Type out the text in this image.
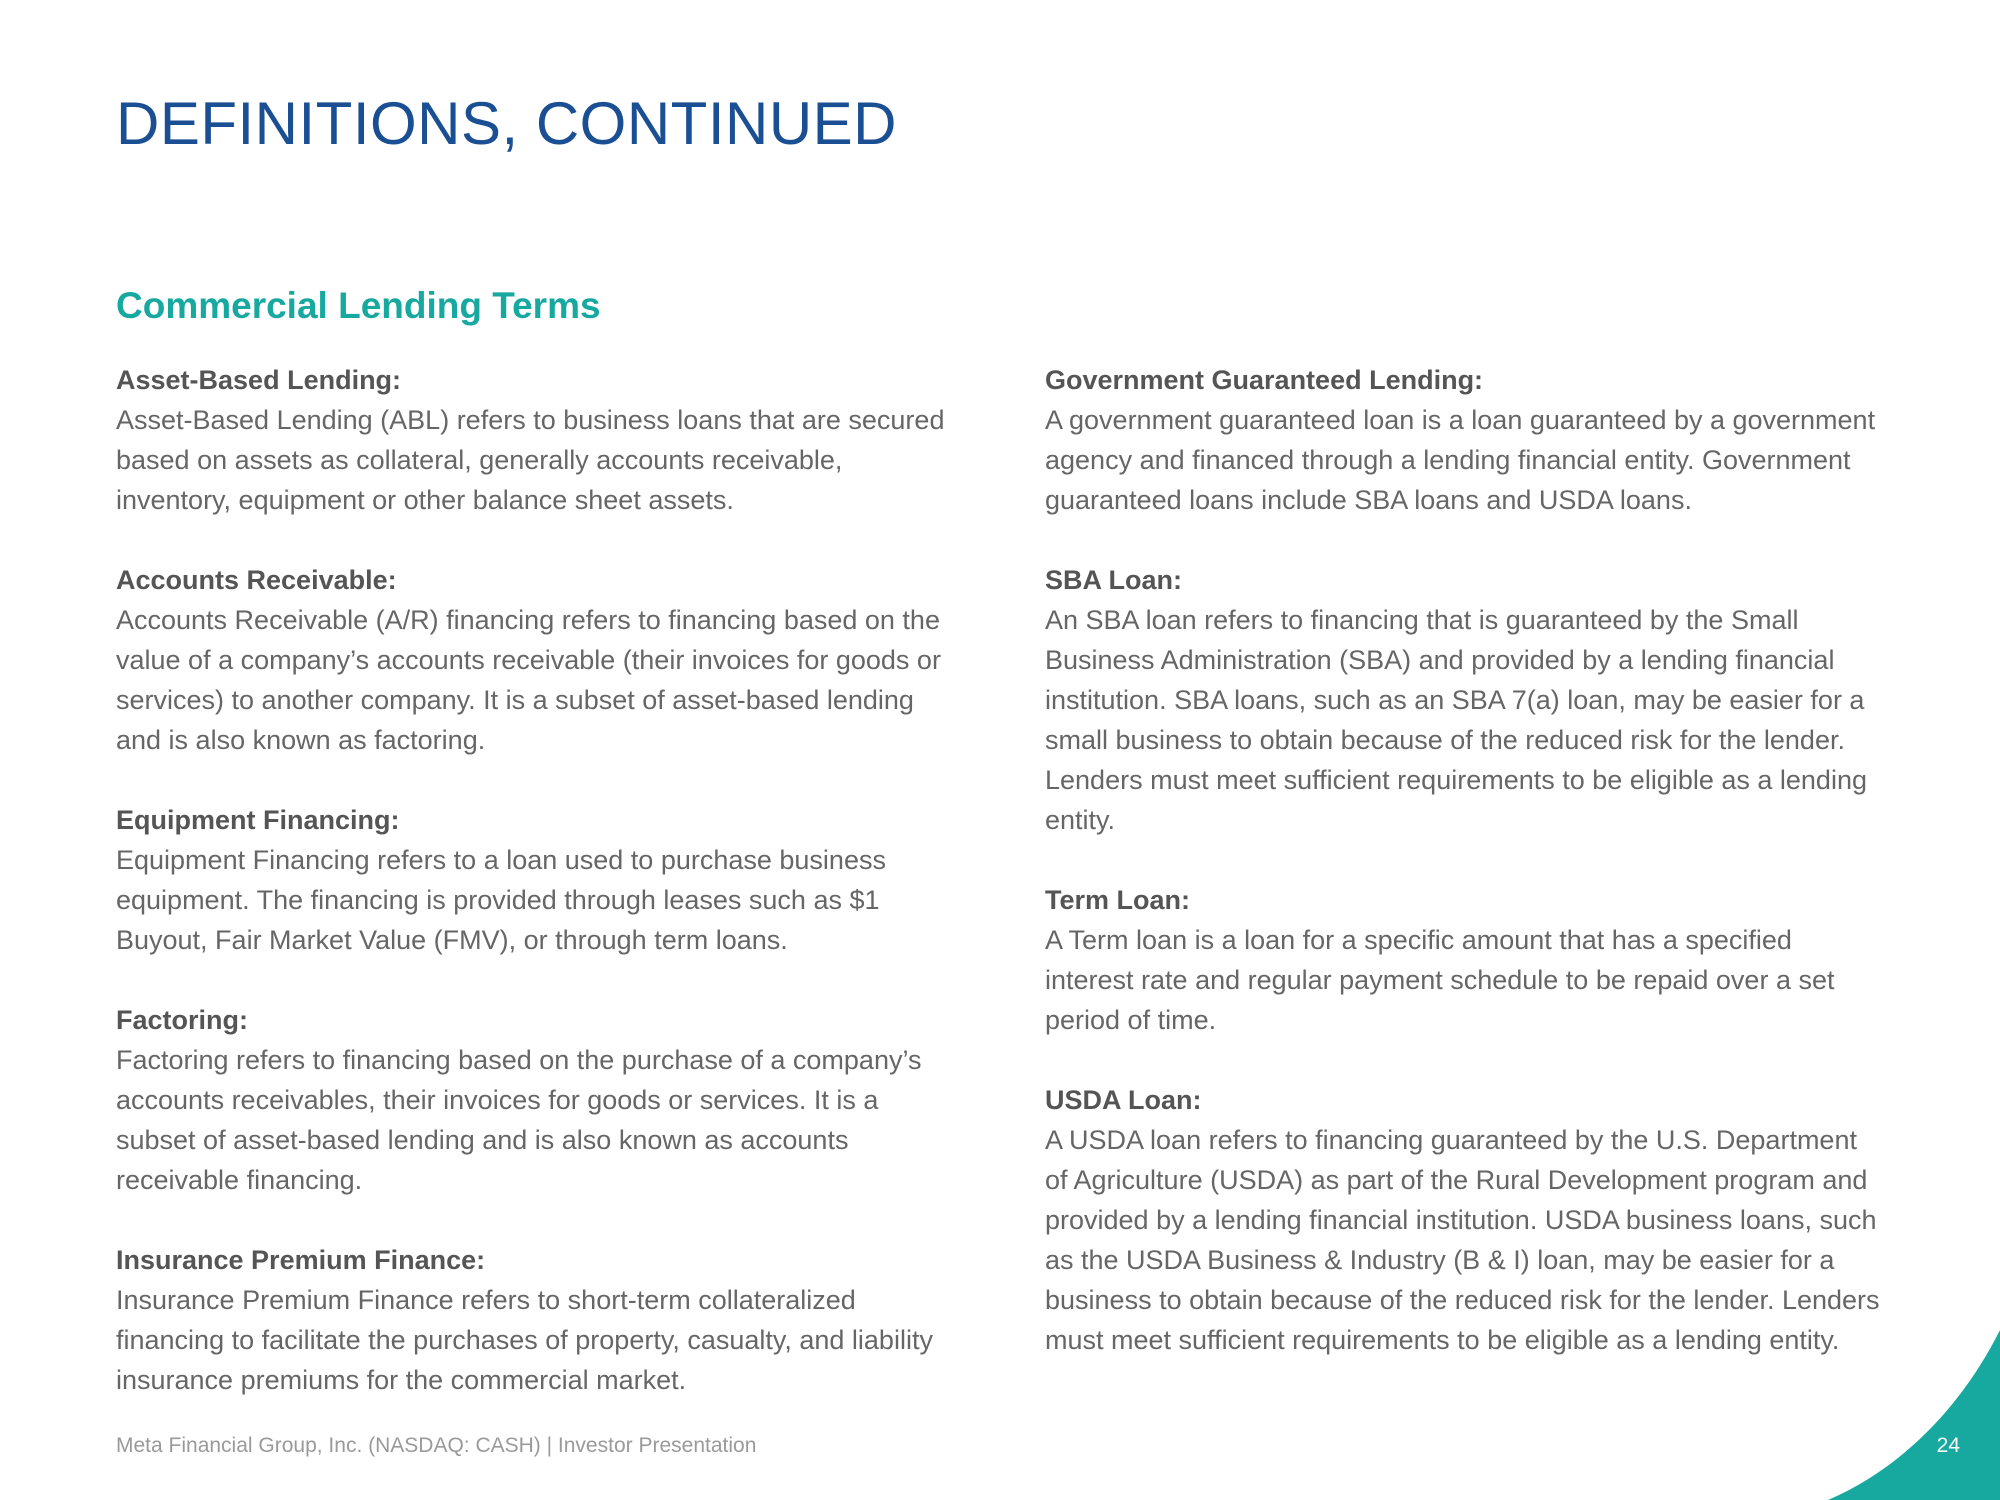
DEFINITIONS, CONTINUED
Commercial Lending Terms

Asset-Based Lending:

Asset-Based Lending (ABL) refers to business loans that are secured based on assets as collateral, generally accounts receivable, inventory, equipment or other balance sheet assets.

Accounts Receivable:

Accounts Receivable (A/R) financing refers to financing based on the value of a company’s accounts receivable (their invoices for goods or services) to another company. It is a subset of asset-based lending and is also known as factoring.

Equipment Financing:

Equipment Financing refers to a loan used to purchase business equipment. The financing is provided through leases such as $1 Buyout, Fair Market Value (FMV), or through term loans.

Factoring:

Factoring refers to financing based on the purchase of a company’s accounts receivables, their invoices for goods or services. It is a subset of asset-based lending and is also known as accounts receivable financing.

Insurance Premium Finance:

Insurance Premium Finance refers to short-term collateralized financing to facilitate the purchases of property, casualty, and liability insurance premiums for the commercial market.

Government Guaranteed Lending:

A government guaranteed loan is a loan guaranteed by a government agency and financed through a lending financial entity. Government guaranteed loans include SBA loans and USDA loans.

SBA Loan:

An SBA loan refers to financing that is guaranteed by the Small Business Administration (SBA) and provided by a lending financial institution. SBA loans, such as an SBA 7(a) loan, may be easier for a small business to obtain because of the reduced risk for the lender. Lenders must meet sufficient requirements to be eligible as a lending entity.

Term Loan:

A Term loan is a loan for a specific amount that has a specified interest rate and regular payment schedule to be repaid over a set period of time.

USDA Loan:

A USDA loan refers to financing guaranteed by the U.S. Department of Agriculture (USDA) as part of the Rural Development program and provided by a lending financial institution. USDA business loans, such as the USDA Business & Industry (B & I) loan, may be easier for a business to obtain because of the reduced risk for the lender. Lenders must meet sufficient requirements to be eligible as a lending entity.

Meta Financial Group, Inc. (NASDAQ: CASH) | Investor Presentation	24
